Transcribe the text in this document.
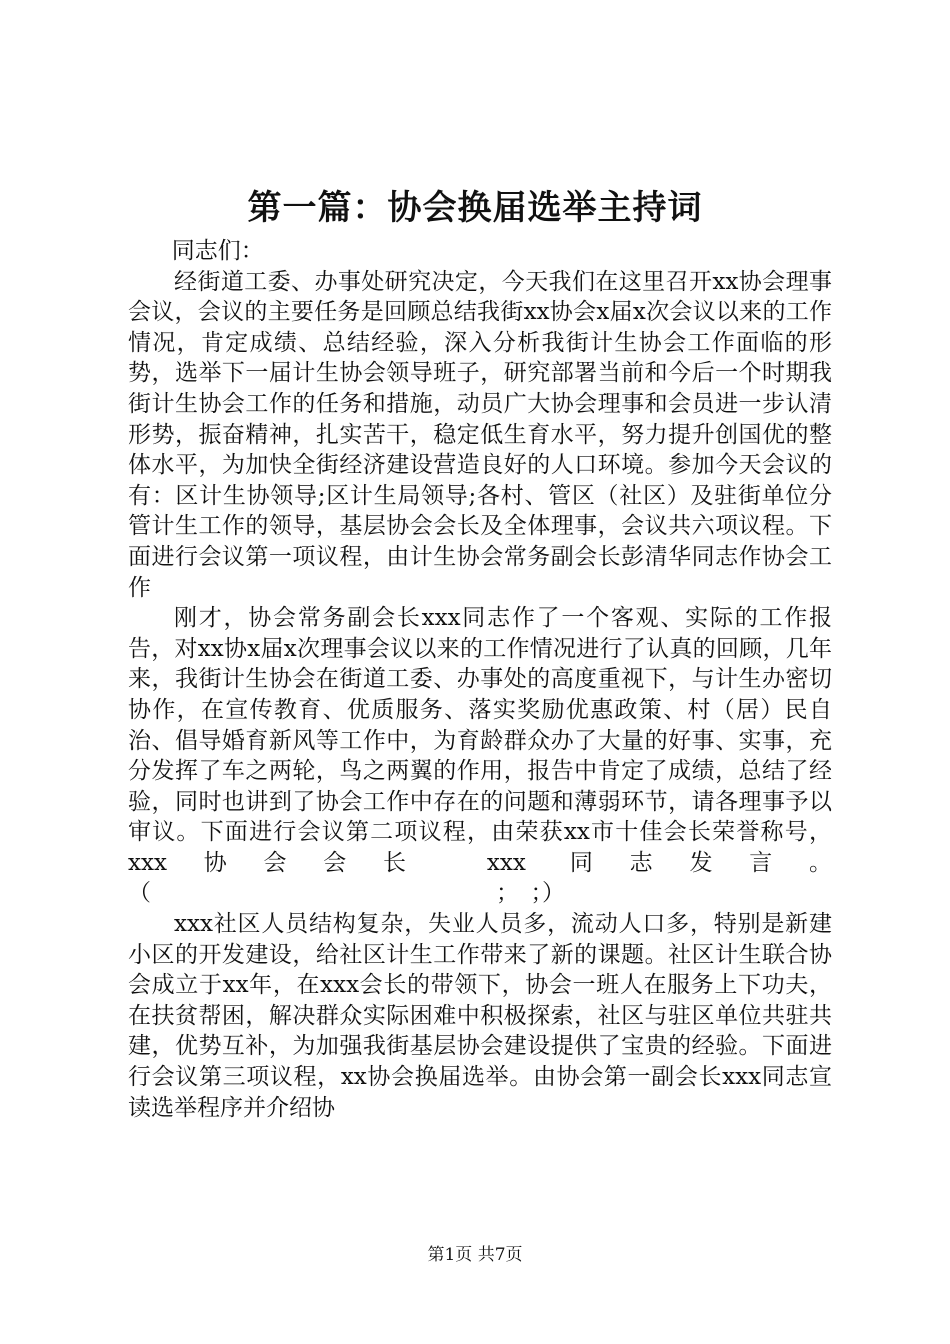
第一篇：协会换届选举主持词

同志们：

经街道工委、办事处研究决定，今天我们在这里召开xx协会理事会议，会议的主要任务是回顾总结我街xx协会x届x次会议以来的工作情况，肯定成绩、总结经验，深入分析我街计生协会工作面临的形势，选举下一届计生协会领导班子，研究部署当前和今后一个时期我街计生协会工作的任务和措施，动员广大协会理事和会员进一步认清形势，振奋精神，扎实苦干，稳定低生育水平，努力提升创国优的整体水平，为加快全街经济建设营造良好的人口环境。参加今天会议的有：区计生协领导;区计生局领导;各村、管区（社区）及驻街单位分管计生工作的领导，基层协会会长及全体理事，会议共六项议程。下面进行会议第一项议程，由计生协会常务副会长彭清华同志作协会工作

刚才，协会常务副会长xxx同志作了一个客观、实际的工作报告，对xx协x届x次理事会议以来的工作情况进行了认真的回顾，几年来，我街计生协会在街道工委、办事处的高度重视下，与计生办密切协作，在宣传教育、优质服务、落实奖励优惠政策、村（居）民自治、倡导婚育新风等工作中，为育龄群众办了大量的好事、实事，充分发挥了车之两轮，鸟之两翼的作用，报告中肯定了成绩，总结了经验，同时也讲到了协会工作中存在的问题和薄弱环节，请各理事予以审议。下面进行会议第二项议程，由荣获xx市十佳会长荣誉称号，xxx协会会长 xxx 同志发言。（　　　　　　　　　　　　　　　；　；）

xxx社区人员结构复杂，失业人员多，流动人口多，特别是新建小区的开发建设，给社区计生工作带来了新的课题。社区计生联合协会成立于xx年，在xxx会长的带领下，协会一班人在服务上下功夫，在扶贫帮困，解决群众实际困难中积极探索，社区与驻区单位共驻共建，优势互补，为加强我街基层协会建设提供了宝贵的经验。下面进行会议第三项议程，xx协会换届选举。由协会第一副会长xxx同志宣读选举程序并介绍协

第1页 共7页
